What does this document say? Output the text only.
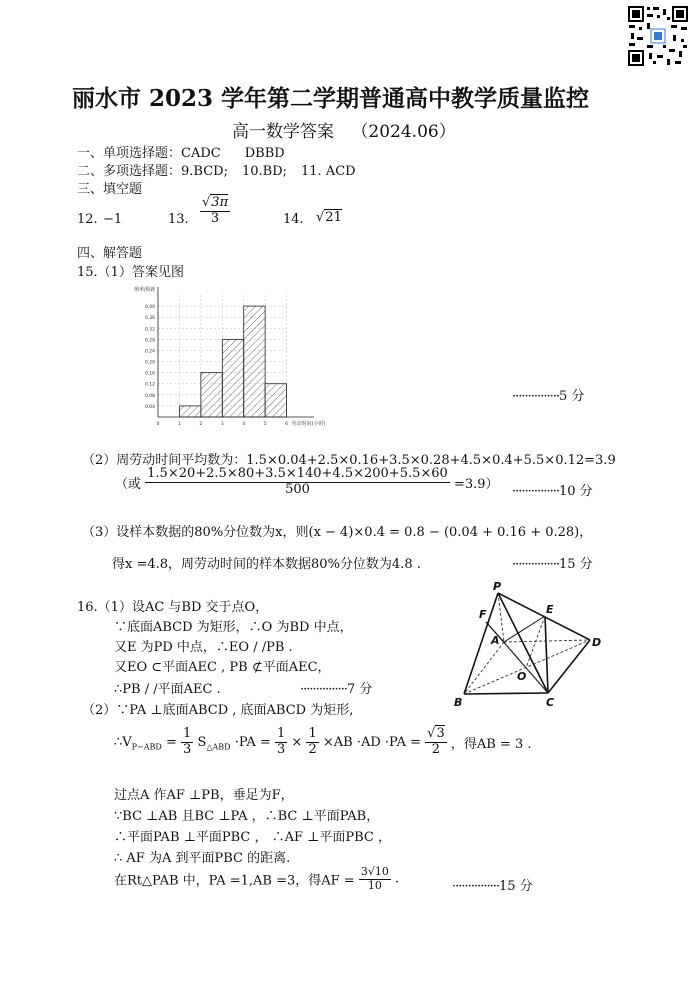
丽水市 2023 学年第二学期普通高中教学质量监控
高一数学答案 （2024.06）
一、单项选择题：CADC DBBD
二、多项选择题：9.BCD; 10.BD; 11. ACD
三、填空题
12. −1	13. $\frac{√3\pi}{3}$	14. √21
四、解答题
15.（1）答案见图
0.04
0.08
0.12
0.16
0.20
0.24
0.28
0.32
0.36
0.40
0	1	2	3	4	5	6
频率/组距
劳动时间(小时)
···············5 分
（2）周劳动时间平均数为：1.5×0.04+2.5×0.16+3.5×0.28+4.5×0.4+5.5×0.12=3.9
（或 $\frac{1.5\times 20+2.5\times 80+3.5\times 140+4.5\times 200+5.5\times 60}{500} =3.9) \cdot\cdot\cdot\cdot\cdot\cdot\cdot\cdot\cdot\cdot\cdot\cdot\cdot\cdot\cdot 10$ 分
（3）设样本数据的80%分位数为x，则(x − 4)×0.4 = 0.8 − (0.04 + 0.16 + 0.28)，
得x =4.8，周劳动时间的样本数据80%分位数为4.8 .	···············15 分
16.（1）设AC 与BD 交于点O，
∵底面ABCD 为矩形，∴O 为BD 中点，
又E 为PD 中点，∴EO / /PB .
又EO ⊂平面AEC , PB ⊄平面AEC，
∴PB / /平面AEC .	···············7 分
（2）∵PA ⊥底面ABCD , 底面ABCD 为矩形,
$\therefore V_{P-ABD} = \frac{1}{3} S_{\triangle ABD} \cdot PA = \frac{1}{3} \times \frac{1}{2} \times AB \cdot AD \cdot PA = \frac{√3}{2}$ ，得AB = 3 .
过点A 作AF ⊥PB，垂足为F，
∵BC ⊥AB 且BC ⊥PA ，∴BC ⊥平面PAB，
∴平面PAB ⊥平面PBC ， ∴AF ⊥平面PBC ，
∴ AF 为A 到平面PBC 的距离.
在Rt△PAB 中，PA =1,AB =3，得AF = $\frac{3√10}{10}$ .	···············15 分
P
F	E
A	D
O
B	C
